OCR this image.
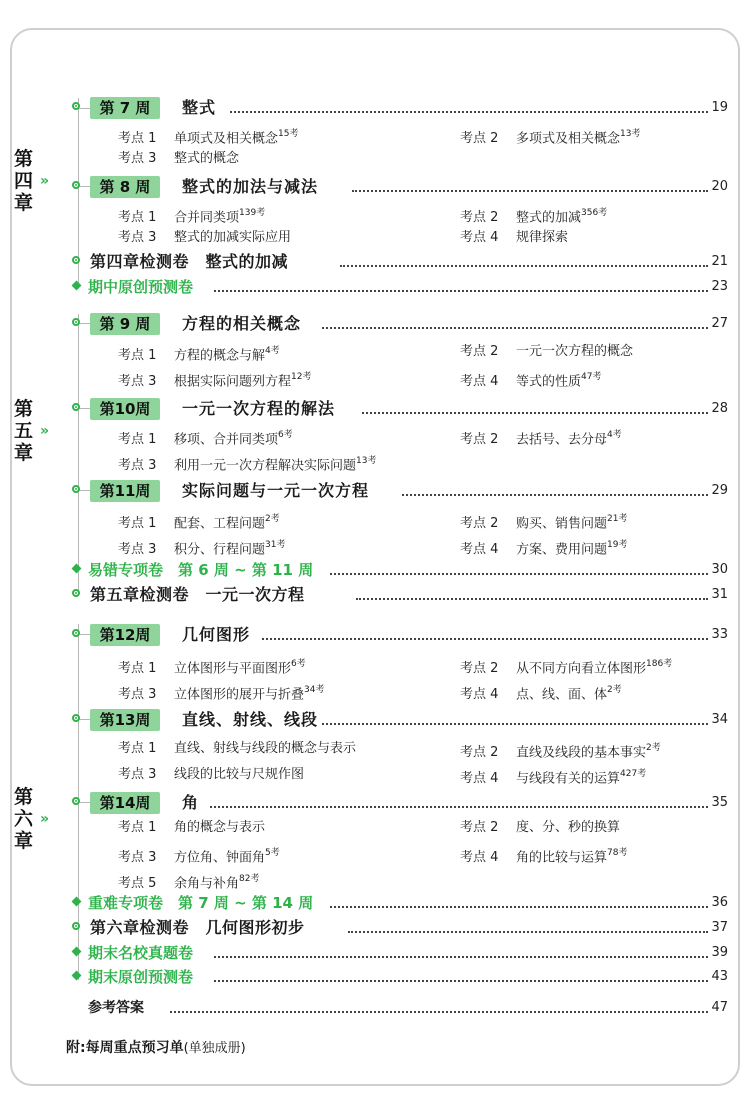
第四章
»
第五章
»
第六章
»
第 7 周	整式	19
考点 1 单项式及相关概念$^{15考}$	考点 2 多项式及相关概念$^{13考}$
考点 3 整式的概念
第 8 周	整式的加法与减法	20
考点 1 合并同类项$^{139考}$	考点 2 整式的加减$^{356考}$
考点 3 整式的加减实际应用	考点 4 规律探索
第四章检测卷　整式的加减	21
期中原创预测卷	23
第 9 周	方程的相关概念	27
考点 1 方程的概念与解$^{4考}$	考点 2 一元一次方程的概念
考点 3 根据实际问题列方程$^{12考}$	考点 4 等式的性质$^{47考}$
第10周	一元一次方程的解法	28
考点 1 移项、合并同类项$^{6考}$	考点 2 去括号、去分母$^{4考}$
考点 3 利用一元一次方程解决实际问题$^{13考}$
第11周	实际问题与一元一次方程	29
考点 1 配套、工程问题$^{2考}$	考点 2 购买、销售问题$^{21考}$
考点 3 积分、行程问题$^{31考}$	考点 4 方案、费用问题$^{19考}$
易错专项卷　第 6 周 ~ 第 11 周	30
第五章检测卷　一元一次方程	31
第12周	几何图形	33
考点 1 立体图形与平面图形$^{6考}$	考点 2 从不同方向看立体图形$^{186考}$
考点 3 立体图形的展开与折叠$^{34考}$	考点 4 点、线、面、体$^{2考}$
第13周	直线、射线、线段	34
考点 1 直线、射线与线段的概念与表示	考点 2 直线及线段的基本事实$^{2考}$
考点 3 线段的比较与尺规作图	考点 4 与线段有关的运算$^{427考}$
第14周	角	35
考点 1 角的概念与表示	考点 2 度、分、秒的换算
考点 3 方位角、钟面角$^{5考}$	考点 4 角的比较与运算$^{78考}$
考点 5 余角与补角$^{82考}$
重难专项卷　第 7 周 ~ 第 14 周	36
第六章检测卷　几何图形初步	37
期末名校真题卷	39
期末原创预测卷	43
参考答案	47
附:每周重点预习单(单独成册)
